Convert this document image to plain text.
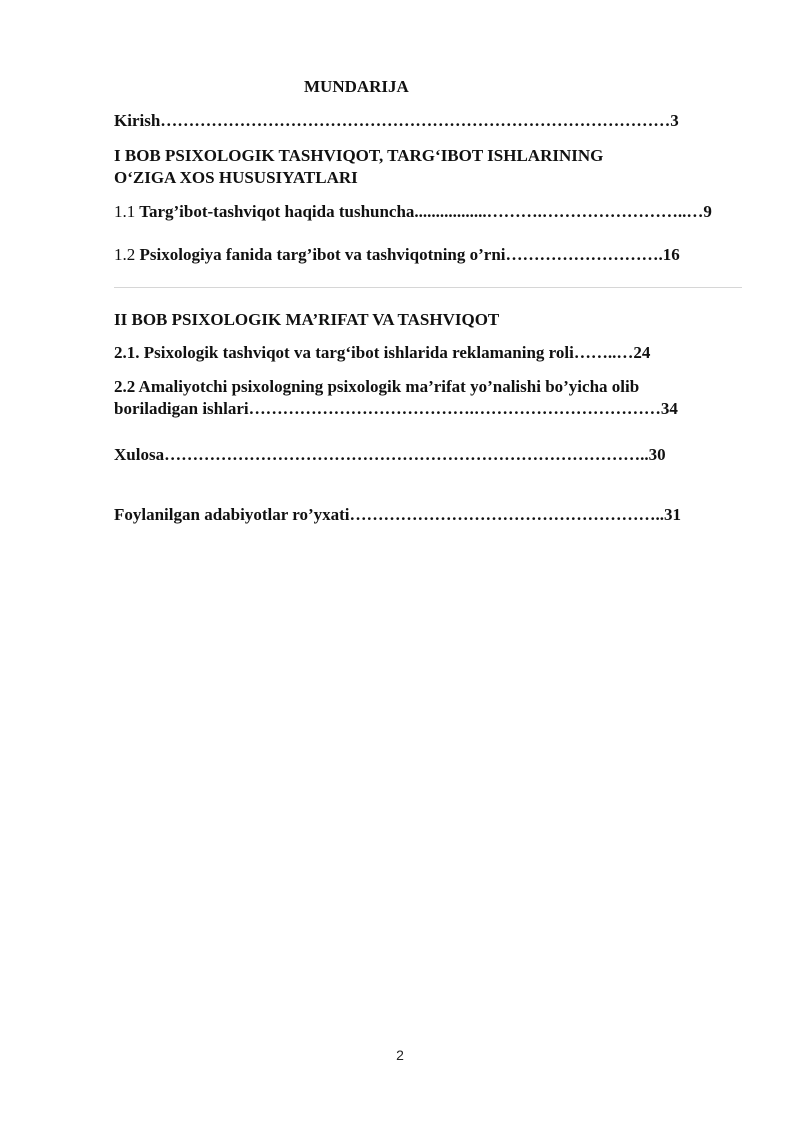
MUNDARIJA
Kirish………………………………………………………………………………3
I BOB PSIXOLOGIK TASHVIQOT, TARG‘IBOT ISHLARINING
O‘ZIGA XOS HUSUSIYATLARI
1.1 Targ’ibot-tashviqot haqida tushuncha.................……….……………………..…9
1.2 Psixologiya fanida targ’ibot va tashviqotning o’rni……………………….16
II BOB PSIXOLOGIK MA’RIFAT VA TASHVIQOT
2.1. Psixologik tashviqot va targ‘ibot ishlarida reklamaning roli……..…24
2.2 Amaliyotchi psixologning psixologik ma’rifat yo’nalishi bo’yicha olib
boriladigan ishlari………………………………….……………………………34
Xulosa…………………………………………………………………………..30
Foylanilgan adabiyotlar ro’yxati………………………………………………..31
2
